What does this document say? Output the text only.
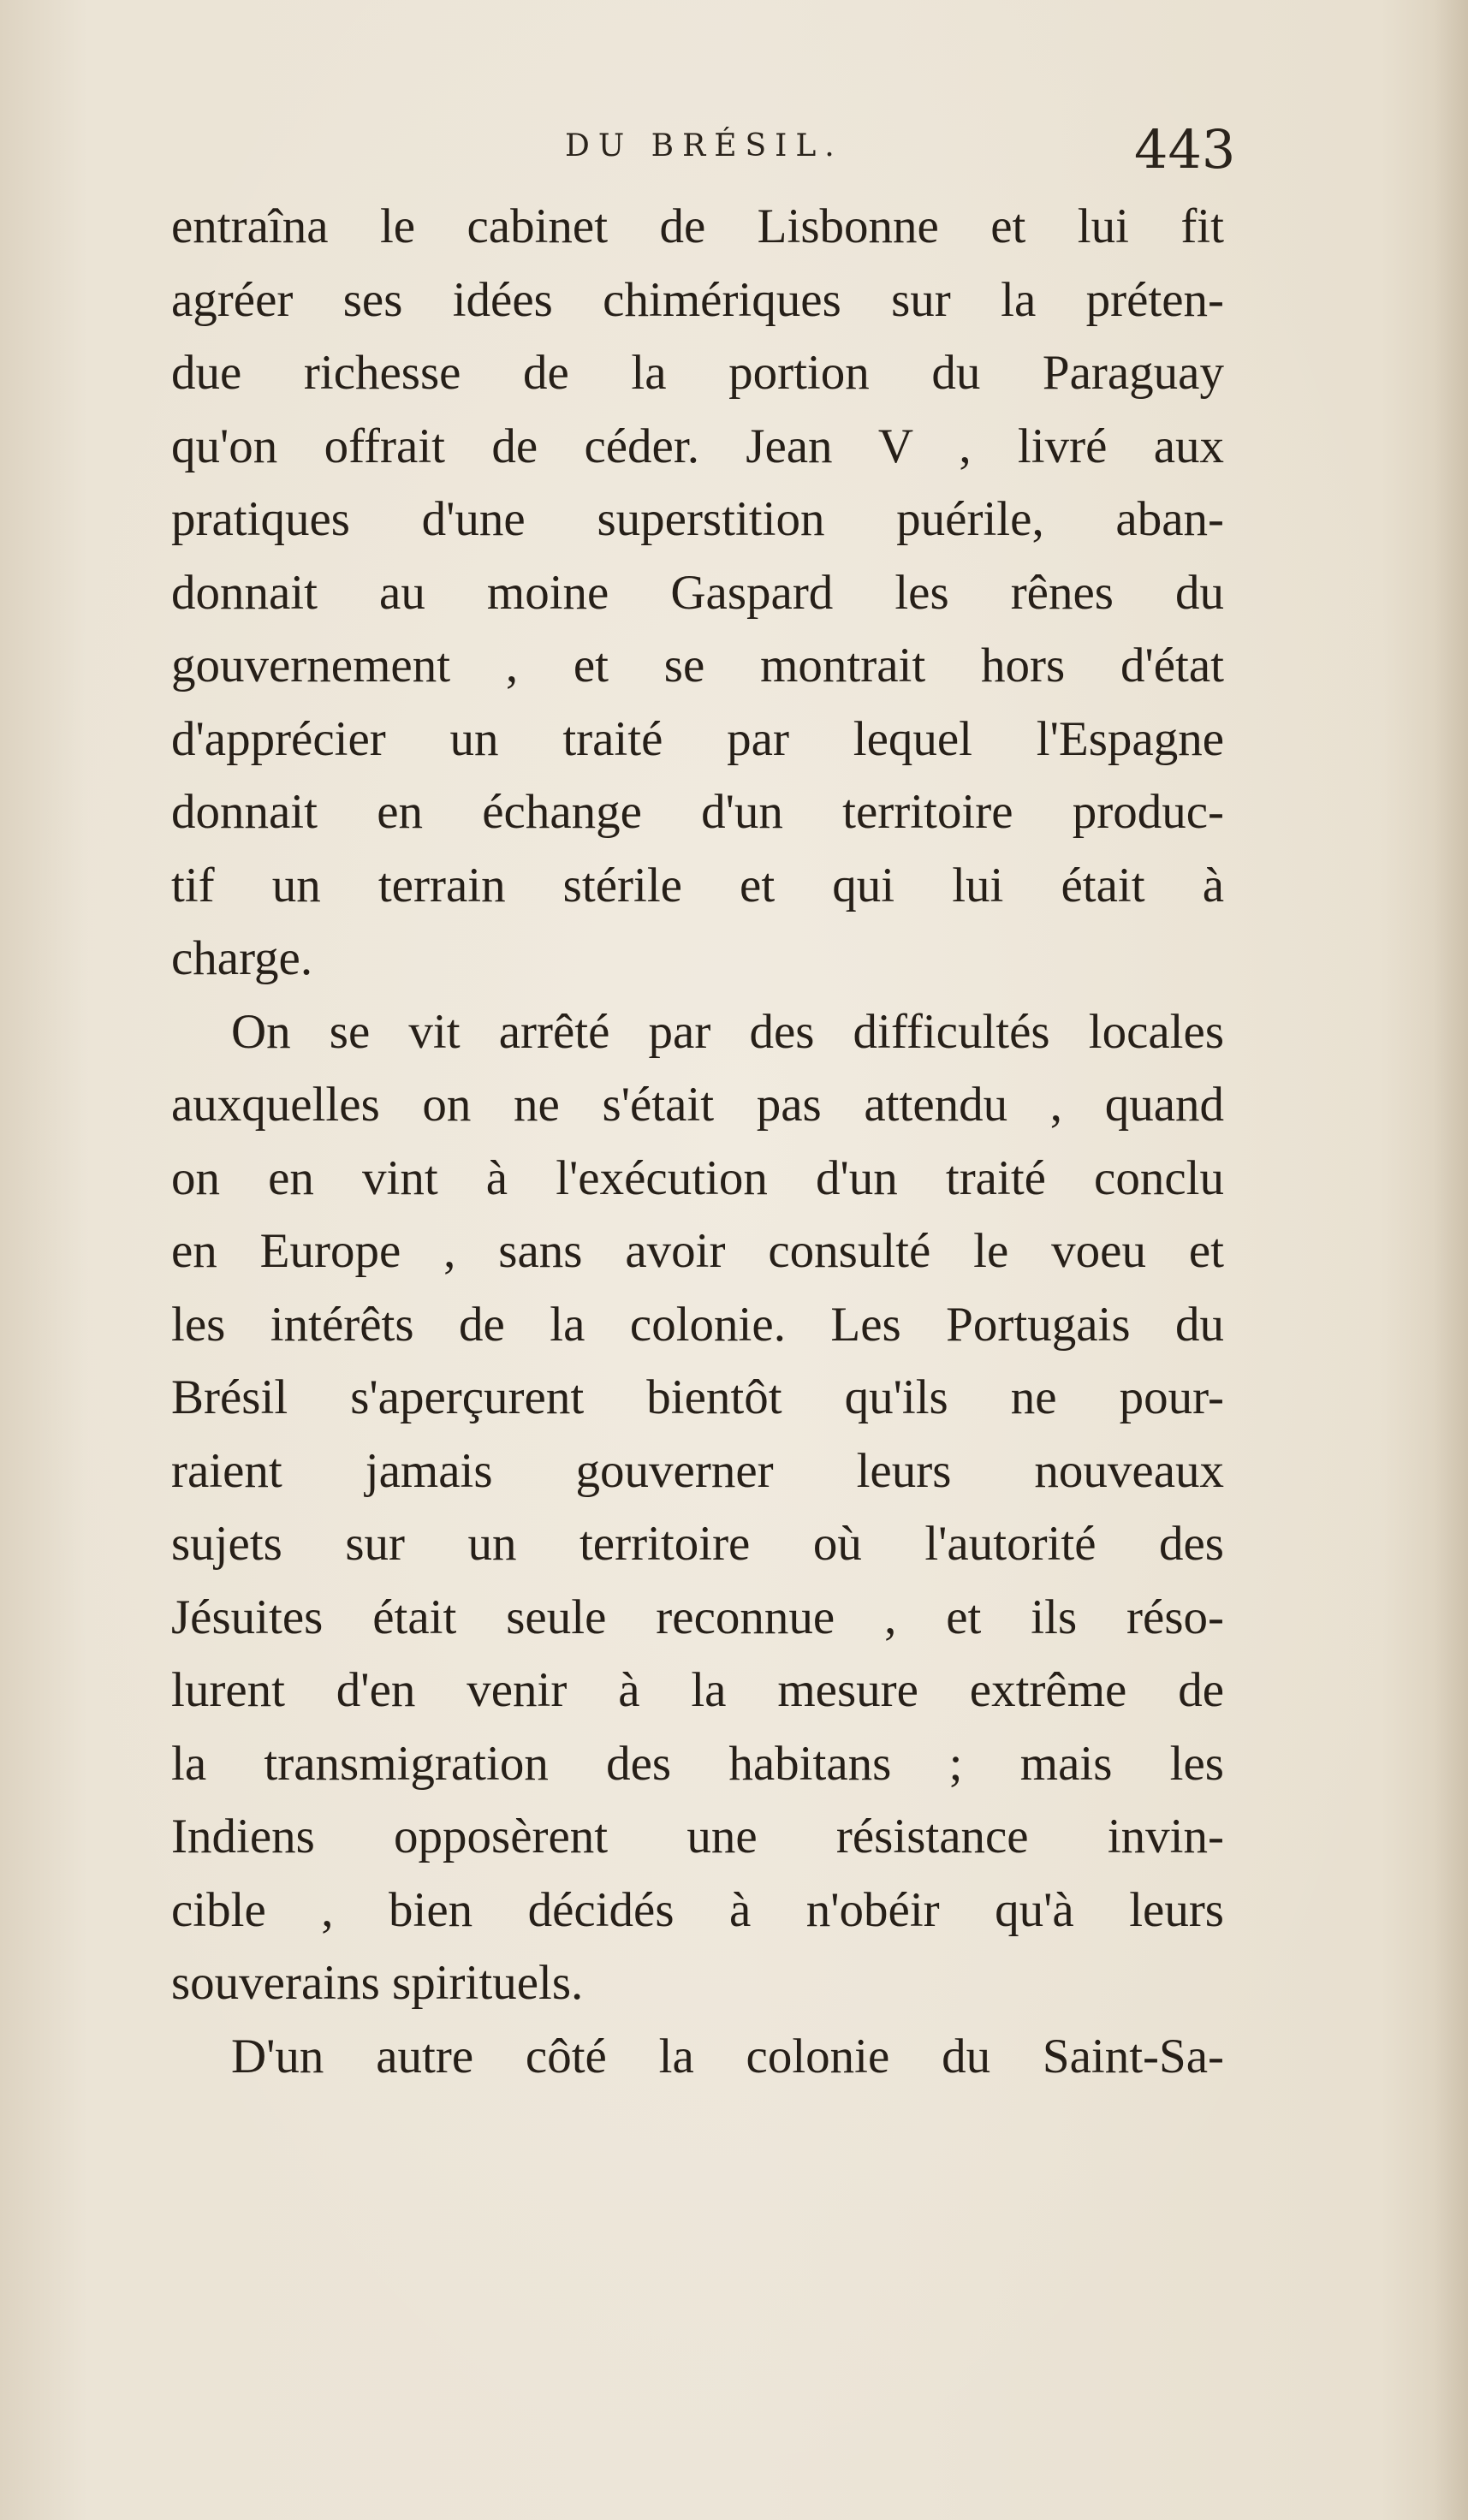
DU BRÉSIL.	443
entraîna le cabinet de Lisbonne et lui fit
agréer ses idées chimériques sur la préten-
due richesse de la portion du Paraguay
qu'on offrait de céder. Jean V , livré aux
pratiques d'une superstition puérile, aban-
donnait au moine Gaspard les rênes du
gouvernement , et se montrait hors d'état
d'apprécier un traité par lequel l'Espagne
donnait en échange d'un territoire produc-
tif un terrain stérile et qui lui était à
charge.
On se vit arrêté par des difficultés locales
auxquelles on ne s'était pas attendu , quand
on en vint à l'exécution d'un traité conclu
en Europe , sans avoir consulté le voeu et
les intérêts de la colonie. Les Portugais du
Brésil s'aperçurent bientôt qu'ils ne pour-
raient jamais gouverner leurs nouveaux
sujets sur un territoire où l'autorité des
Jésuites était seule reconnue , et ils réso-
lurent d'en venir à la mesure extrême de
la transmigration des habitans ; mais les
Indiens opposèrent une résistance invin-
cible , bien décidés à n'obéir qu'à leurs
souverains spirituels.
D'un autre côté la colonie du Saint-Sa-
